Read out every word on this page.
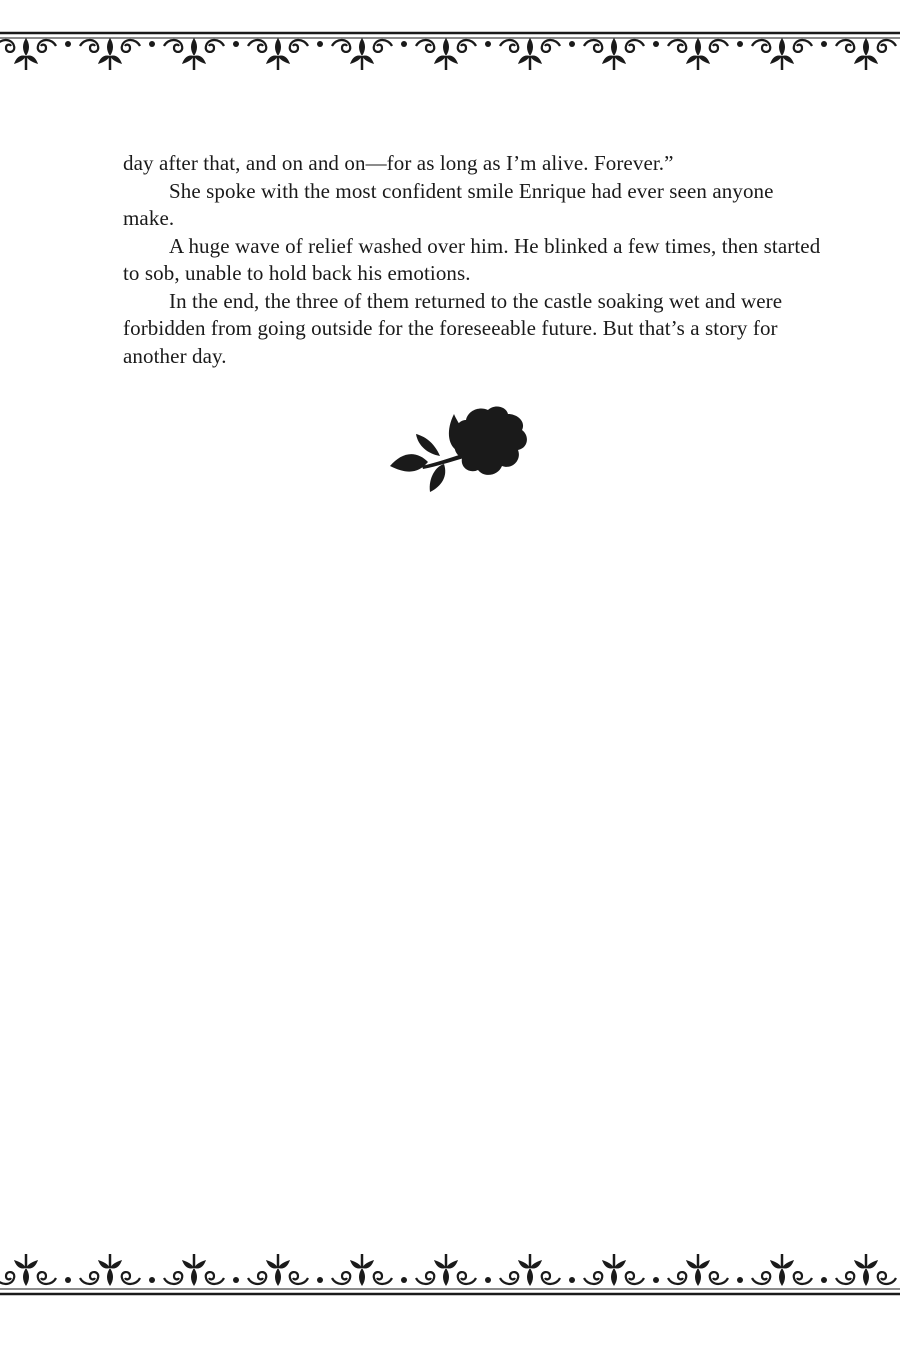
day after that, and on and on—for as long as I’m alive. Forever.”

She spoke with the most confident smile Enrique had ever seen anyone make.

A huge wave of relief washed over him. He blinked a few times, then started to sob, unable to hold back his emotions.

In the end, the three of them returned to the castle soaking wet and were forbidden from going outside for the foreseeable future. But that’s a story for another day.
